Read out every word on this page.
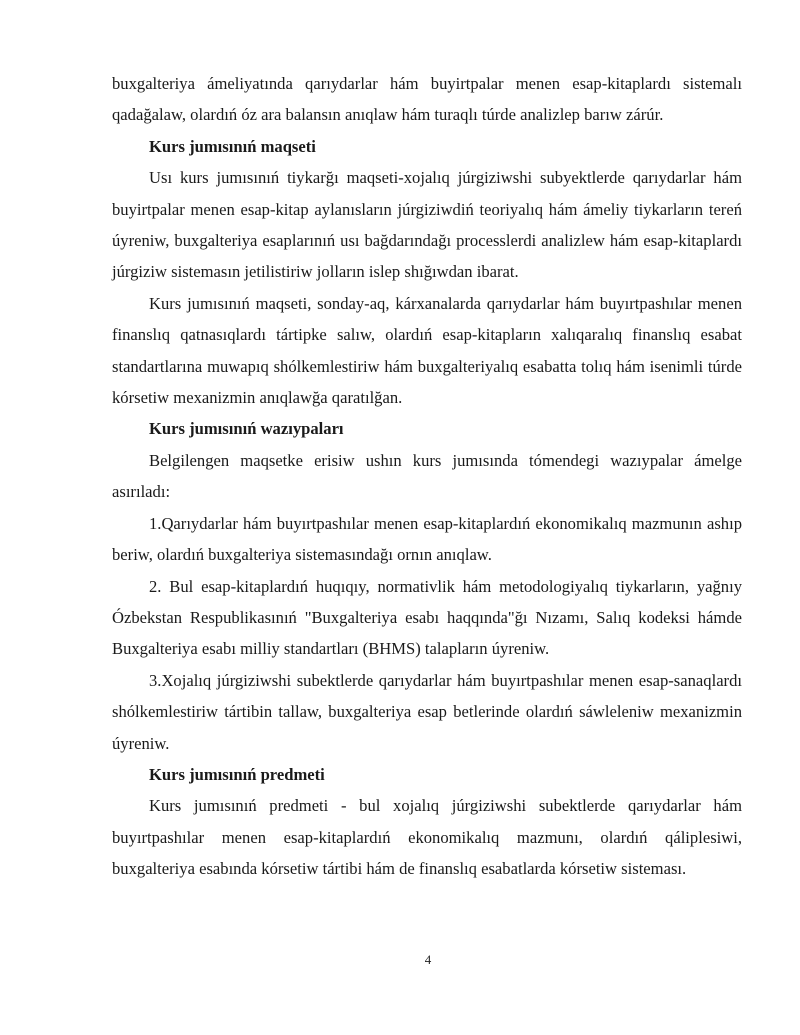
buxgalteriya ámeliyatında qarıydarlar hám buyirtpalar menen esap-kitaplardı sistemalı qadağalaw, olardıń óz ara balansın anıqlaw hám turaqlı túrde analizlep barıw zárúr.

Kurs jumısınıń maqseti

Usı kurs jumısınıń tiykarğı maqseti-xojalıq júrgiziwshi subyektlerde qarıydarlar hám buyirtpalar menen esap-kitap aylanısların júrgiziwdiń teoriyalıq hám ámeliy tiykarların tereń úyreniw, buxgalteriya esaplarınıń usı bağdarındağı processlerdi analizlew hám esap-kitaplardı júrgiziw sistemasın jetilistiriw jolların islep shığıwdan ibarat.

Kurs jumısınıń maqseti, sonday-aq, kárxanalarda qarıydarlar hám buyırtpashılar menen finanslıq qatnasıqlardı tártipke salıw, olardıń esap-kitapların xalıqaralıq finanslıq esabat standartlarına muwapıq shólkemlestiriw hám buxgalteriyalıq esabatta tolıq hám isenimli túrde kórsetiw mexanizmin anıqlawğa qaratılğan.

Kurs jumısınıń wazıypaları

Belgilengen maqsetke erisiw ushın kurs jumısında tómendegi wazıypalar ámelge asırıladı:

1.Qarıydarlar hám buyırtpashılar menen esap-kitaplardıń ekonomikalıq mazmunın ashıp beriw, olardıń buxgalteriya sistemasındağı ornın anıqlaw.

2. Bul esap-kitaplardıń huqıqıy, normativlik hám metodologiyalıq tiykarların, yağnıy Ózbekstan Respublikasınıń "Buxgalteriya esabı haqqında"ğı Nızamı, Salıq kodeksi hámde Buxgalteriya esabı milliy standartları (BHMS) talapların úyreniw.

3.Xojalıq júrgiziwshi subektlerde qarıydarlar hám buyırtpashılar menen esap-sanaqlardı shólkemlestiriw tártibin tallaw, buxgalteriya esap betlerinde olardıń sáwleleniw mexanizmin úyreniw.

Kurs jumısınıń predmeti

Kurs jumısınıń predmeti - bul xojalıq júrgiziwshi subektlerde qarıydarlar hám buyırtpashılar menen esap-kitaplardıń ekonomikalıq mazmunı, olardıń qáliplesiwi, buxgalteriya esabında kórsetiw tártibi hám de finanslıq esabatlarda kórsetiw sisteması.

4
